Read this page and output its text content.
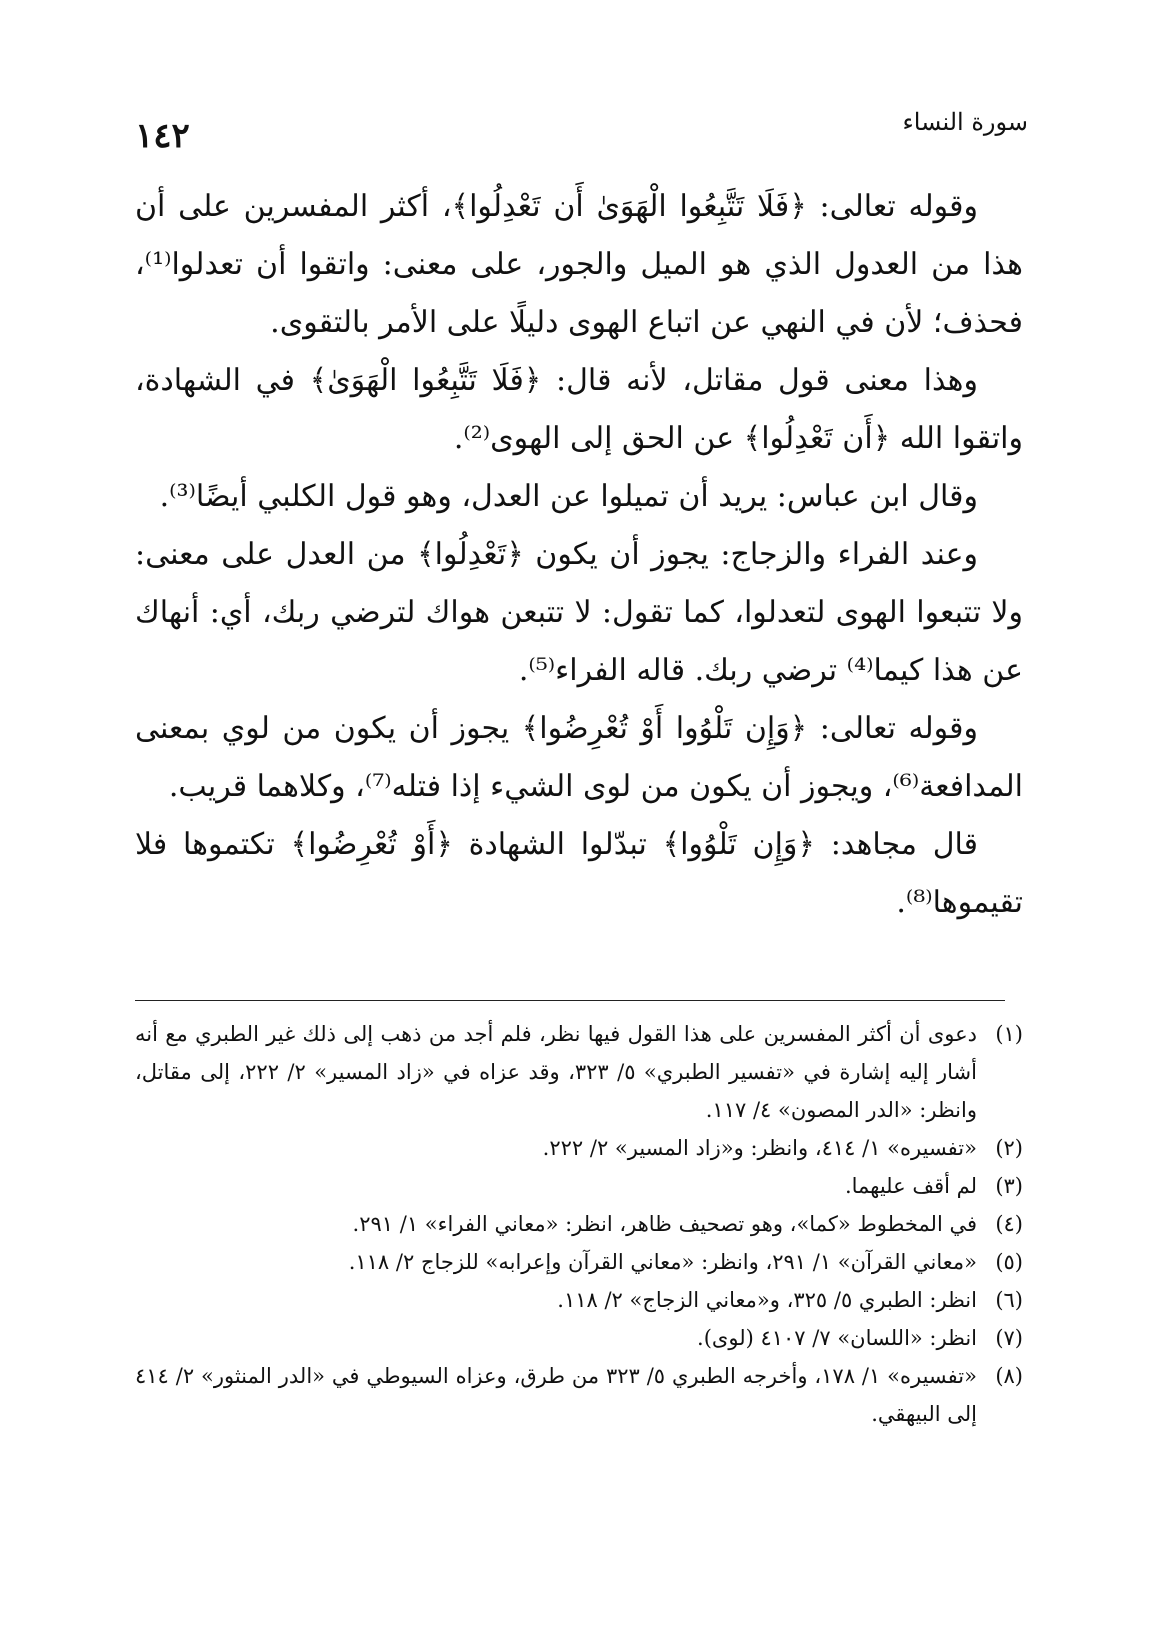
سورة النساء
١٤٢

وقوله تعالى: ﴿فَلَا تَتَّبِعُوا الْهَوَىٰ أَن تَعْدِلُوا﴾، أكثر المفسرين على أن هذا من العدول الذي هو الميل والجور، على معنى: واتقوا أن تعدلوا⁽¹⁾، فحذف؛ لأن في النهي عن اتباع الهوى دليلًا على الأمر بالتقوى.

وهذا معنى قول مقاتل، لأنه قال: ﴿فَلَا تَتَّبِعُوا الْهَوَىٰ﴾ في الشهادة، واتقوا الله ﴿أَن تَعْدِلُوا﴾ عن الحق إلى الهوى⁽²⁾.

وقال ابن عباس: يريد أن تميلوا عن العدل، وهو قول الكلبي أيضًا⁽³⁾.

وعند الفراء والزجاج: يجوز أن يكون ﴿تَعْدِلُوا﴾ من العدل على معنى: ولا تتبعوا الهوى لتعدلوا، كما تقول: لا تتبعن هواك لترضي ربك، أي: أنهاك عن هذا كيما⁽⁴⁾ ترضي ربك. قاله الفراء⁽⁵⁾.

وقوله تعالى: ﴿وَإِن تَلْوُوا أَوْ تُعْرِضُوا﴾ يجوز أن يكون من لوي بمعنى المدافعة⁽⁶⁾، ويجوز أن يكون من لوى الشيء إذا فتله⁽⁷⁾، وكلاهما قريب.

قال مجاهد: ﴿وَإِن تَلْوُوا﴾ تبدّلوا الشهادة ﴿أَوْ تُعْرِضُوا﴾ تكتموها فلا تقيموها⁽⁸⁾.

(١)
دعوى أن أكثر المفسرين على هذا القول فيها نظر، فلم أجد من ذهب إلى ذلك غير الطبري مع أنه أشار إليه إشارة في «تفسير الطبري» ٥/ ٣٢٣، وقد عزاه في «زاد المسير» ٢/ ٢٢٢، إلى مقاتل، وانظر: «الدر المصون» ٤/ ١١٧.
(٢)
«تفسيره» ١/ ٤١٤، وانظر: و«زاد المسير» ٢/ ٢٢٢.
(٣)
لم أقف عليهما.
(٤)
في المخطوط «كما»، وهو تصحيف ظاهر، انظر: «معاني الفراء» ١/ ٢٩١.
(٥)
«معاني القرآن» ١/ ٢٩١، وانظر: «معاني القرآن وإعرابه» للزجاج ٢/ ١١٨.
(٦)
انظر: الطبري ٥/ ٣٢٥، و«معاني الزجاج» ٢/ ١١٨.
(٧)
انظر: «اللسان» ٧/ ٤١٠٧ (لوى).
(٨)
«تفسيره» ١/ ١٧٨، وأخرجه الطبري ٥/ ٣٢٣ من طرق، وعزاه السيوطي في «الدر المنثور» ٢/ ٤١٤ إلى البيهقي.
